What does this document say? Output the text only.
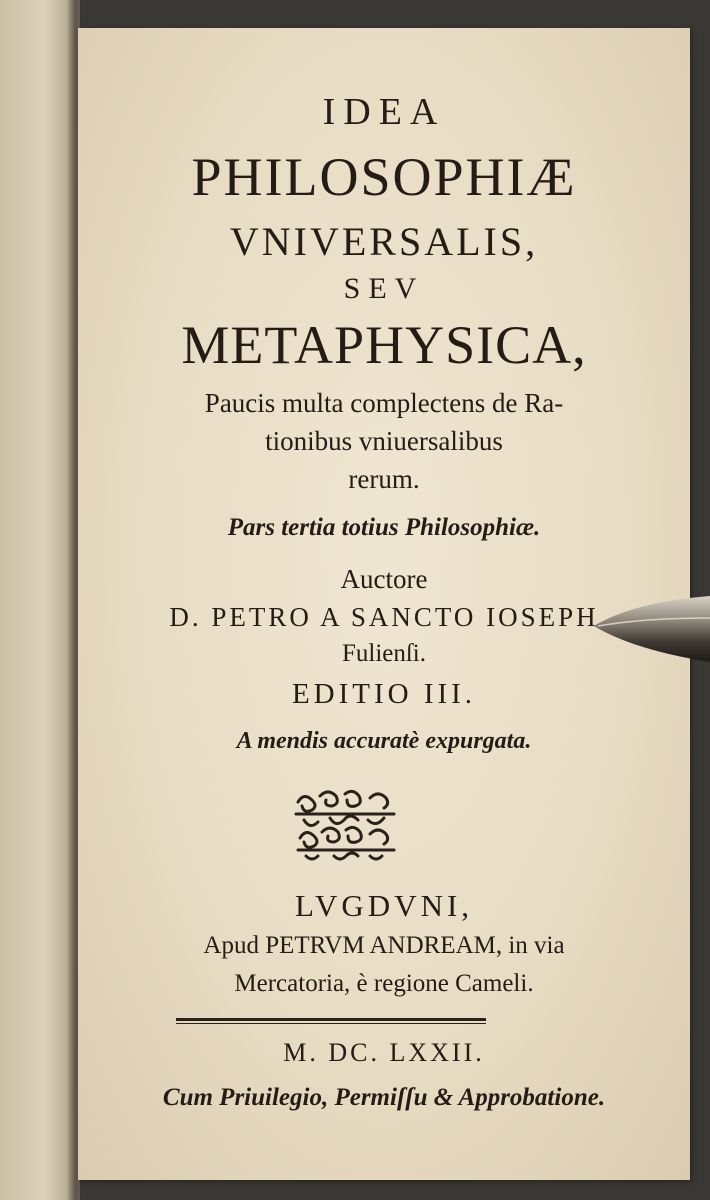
IDEA
PHILOSOPHIÆ
VNIVERSALIS,
SEV
METAPHYSICA,
Paucis multa complectens de Ra-
tionibus vniuersalibus
rerum.
Pars tertia totius Philosophiæ.
Auctore
D. PETRO A SANCTO IOSEPH
Fulienſi.
EDITIO III.
A mendis accuratè expurgata.
LVGDVNI,
Apud PETRVM ANDREAM, in via
Mercatoria, è regione Cameli.
M. DC. LXXII.
Cum Priuilegio, Permiſſu & Approbatione.
